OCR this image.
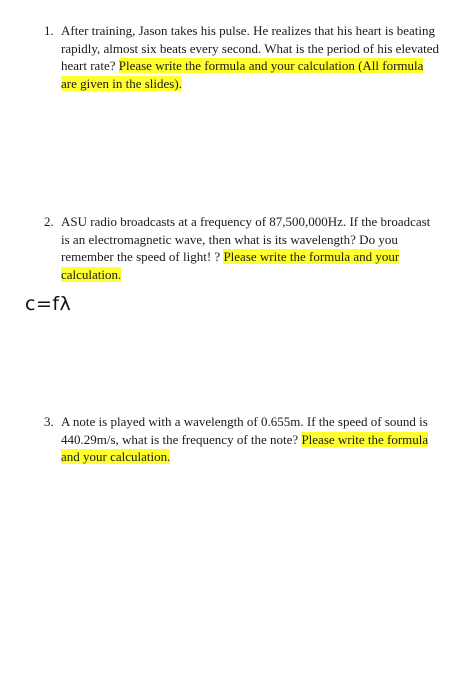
1. After training, Jason takes his pulse. He realizes that his heart is beating rapidly, almost six beats every second. What is the period of his elevated heart rate? Please write the formula and your calculation (All formula are given in the slides).
2. ASU radio broadcasts at a frequency of 87,500,000Hz. If the broadcast is an electromagnetic wave, then what is its wavelength? Do you remember the speed of light! ? Please write the formula and your calculation.
c=fλ
3. A note is played with a wavelength of 0.655m. If the speed of sound is 440.29m/s, what is the frequency of the note? Please write the formula and your calculation.
